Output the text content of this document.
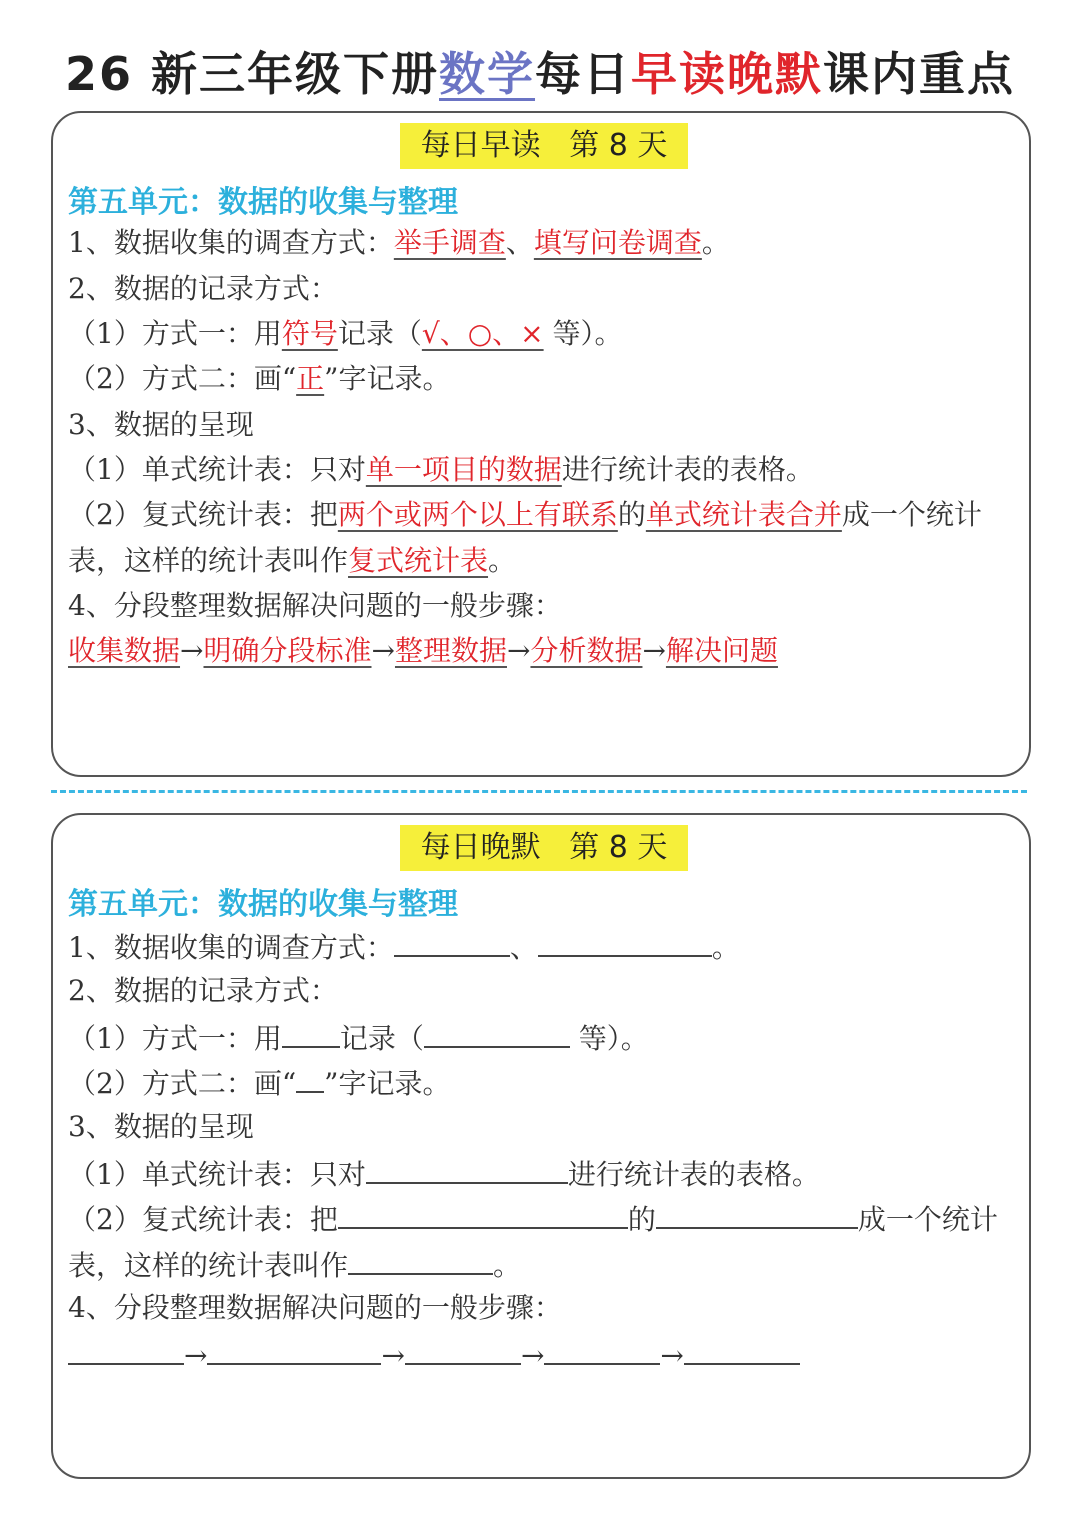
26 新三年级下册数学每日早读晚默课内重点
每日早读   第 8 天
第五单元：数据的收集与整理
1、数据收集的调查方式：举手调查、填写问卷调查。
2、数据的记录方式：
（1）方式一：用符号记录（√、○、× 等）。
（2）方式二：画“正”字记录。
3、数据的呈现
（1）单式统计表：只对单一项目的数据进行统计表的表格。
（2）复式统计表：把两个或两个以上有联系的单式统计表合并成一个统计
表，这样的统计表叫作复式统计表。
4、分段整理数据解决问题的一般步骤：
收集数据→明确分段标准→整理数据→分析数据→解决问题
每日晚默   第 8 天
第五单元：数据的收集与整理
1、数据收集的调查方式：	、	。
2、数据的记录方式：
（1）方式一：用 记录（	等）。
（2）方式二：画“ ”字记录。
3、数据的呈现
（1）单式统计表：只对	进行统计表的表格。
（2）复式统计表：把	的	成一个统计
表，这样的统计表叫作	。
4、分段整理数据解决问题的一般步骤：
→	→	→	→
